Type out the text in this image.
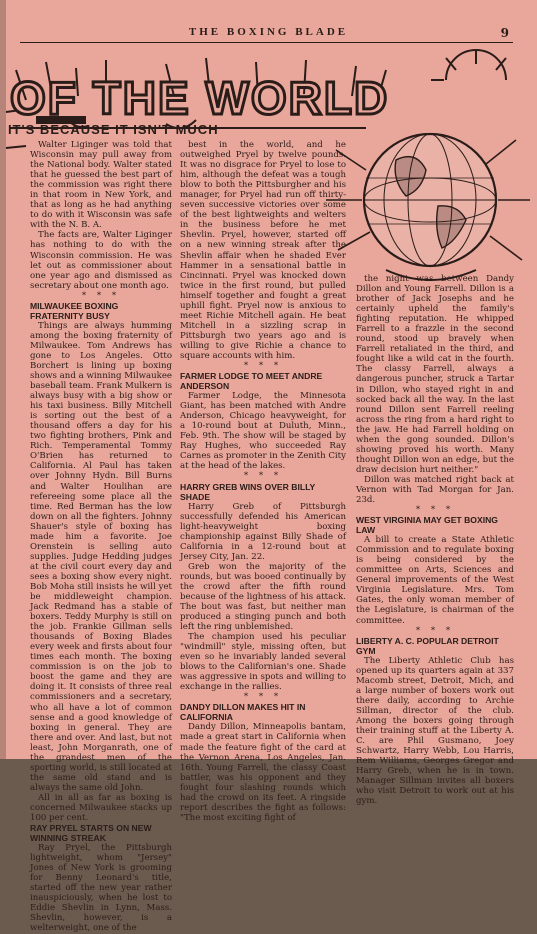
THE BOXING BLADE	9
OF THE WORLD
IT'S BECAUSE IT ISN'T MUCH

Walter Liginger was told that Wisconsin may pull away from the National body. Walter stated that he guessed the best part of the commission was right there in that room in New York, and that as long as he had anything to do with it Wisconsin was safe with the N. B. A.

The facts are, Walter Liginger has nothing to do with the Wisconsin commission. He was let out as commissioner about one year ago and dismissed as secretary about one month ago.

* * *

MILWAUKEE BOXING FRATERNITY BUSY

Things are always humming among the boxing fraternity of Milwaukee. Tom Andrews has gone to Los Angeles. Otto Borchert is lining up boxing shows and a winning Milwaukee baseball team. Frank Mulkern is always busy with a big show or his taxi business. Billy Mitchell is sorting out the best of a thousand offers a day for his two fighting brothers, Pink and Rich. Temperamental Tommy O'Brien has returned to California. Al Paul has taken over Johnny Hydn. Bill Burns and Walter Houlihan are refereeing some place all the time. Red Berman has the low down on all the fighters. Johnny Shauer's style of boxing has made him a favorite. Joe Orenstein is selling auto supplies. Judge Hedding judges at the civil court every day and sees a boxing show every night. Bob Moha still insists he will yet be middleweight champion. Jack Redmand has a stable of boxers. Teddy Murphy is still on the job. Frankie Gillman sells thousands of Boxing Blades every week and firsts about four times each month. The boxing commission is on the job to boost the game and they are doing it. It consists of three real commissioners and a secretary, who all have a lot of common sense and a good knowledge of boxing in general. They are there and over. And last, but not least, John Morganrath, one of the grandest men of the sporting world, is still located at the same old stand and is always the same old John.

All in all as far as boxing is concerned Milwaukee stacks up 100 per cent.

RAY PRYEL STARTS ON NEW WINNING STREAK

Ray Pryel, the Pittsburgh lightweight, whom "Jersey" Jones of New York is grooming for Benny Leonard's title, started off the new year rather inauspiciously, when he lost to Eddie Shevlin in Lynn, Mass. Shevlin, however, is a welterweight, one of the

best in the world, and he outweighed Pryel by twelve pounds. It was no disgrace for Pryel to lose to him, although the defeat was a tough blow to both the Pittsburgher and his manager, for Pryel had run off thirty-seven successive victories over some of the best lightweights and welters in the business before he met Shevlin. Pryel, however, started off on a new winning streak after the Shevlin affair when he shaded Ever Hammer in a sensational battle in Cincinnati. Pryel was knocked down twice in the first round, but pulled himself together and fought a great uphill fight. Pryel now is anxious to meet Richie Mitchell again. He beat Mitchell in a sizzling scrap in Pittsburgh two years ago and is willing to give Richie a chance to square accounts with him.

* * *

FARMER LODGE TO MEET ANDRE ANDERSON

Farmer Lodge, the Minnesota Giant, has been matched with Andre Anderson, Chicago heavyweight, for a 10-round bout at Duluth, Minn., Feb. 9th. The show will be staged by Ray Hughes, who succeeded Ray Carnes as promoter in the Zenith City at the head of the lakes.

* * *

HARRY GREB WINS OVER BILLY SHADE

Harry Greb of Pittsburgh successfully defended his American light-heavyweight boxing championship against Billy Shade of California in a 12-round bout at Jersey City, Jan. 22.

Greb won the majority of the rounds, but was booed continually by the crowd after the fifth round because of the lightness of his attack. The bout was fast, but neither man produced a stinging punch and both left the ring unblemished.

The champion used his peculiar "windmill" style, missing often, but even so he invariably landed several blows to the Californian's one. Shade was aggressive in spots and willing to exchange in the rallies.

* * *

DANDY DILLON MAKES HIT IN CALIFORNIA

Dandy Dillon, Minneapolis bantam, made a great start in California when made the feature fight of the card at the Vernon Arena, Los Angeles, Jan. 16th. Young Farrell, the classy Coast battler, was his opponent and they fought four slashing rounds which had the crowd on its feet. A ringside report describes the fight as follows: "The most exciting fight of

the night was between Dandy Dillon and Young Farrell. Dillon is a brother of Jack Josephs and he certainly upheld the family's fighting reputation. He whipped Farrell to a frazzle in the second round, stood up bravely when Farrell retaliated in the third, and fought like a wild cat in the fourth. The classy Farrell, always a dangerous puncher, struck a Tartar in Dillon, who stayed right in and socked back all the way. In the last round Dillon sent Farrell reeling across the ring from a hard right to the jaw. He had Farrell holding on when the gong sounded. Dillon's showing proved his worth. Many thought Dillon won an edge, but the draw decision hurt neither."

Dillon was matched right back at Vernon with Tad Morgan for Jan. 23d.

* * *

WEST VIRGINIA MAY GET BOXING LAW

A bill to create a State Athletic Commission and to regulate boxing is being considered by the committee on Arts, Sciences and General improvements of the West Virginia Legislature. Mrs. Tom Gates, the only woman member of the Legislature, is chairman of the committee.

* * *

LIBERTY A. C. POPULAR DETROIT GYM

The Liberty Athletic Club has opened up its quarters again at 337 Macomb street, Detroit, Mich, and a large number of boxers work out there daily, according to Archie Sillman, director of the club. Among the boxers going through their training stuff at the Liberty A. C. are Phil Gusmano, Joey Schwartz, Harry Webb, Lou Harris, Rem Williams, Georges Gregor and Harry Greb, when he is in town. Manager Sillman invites all boxers who visit Detroit to work out at his gym.
